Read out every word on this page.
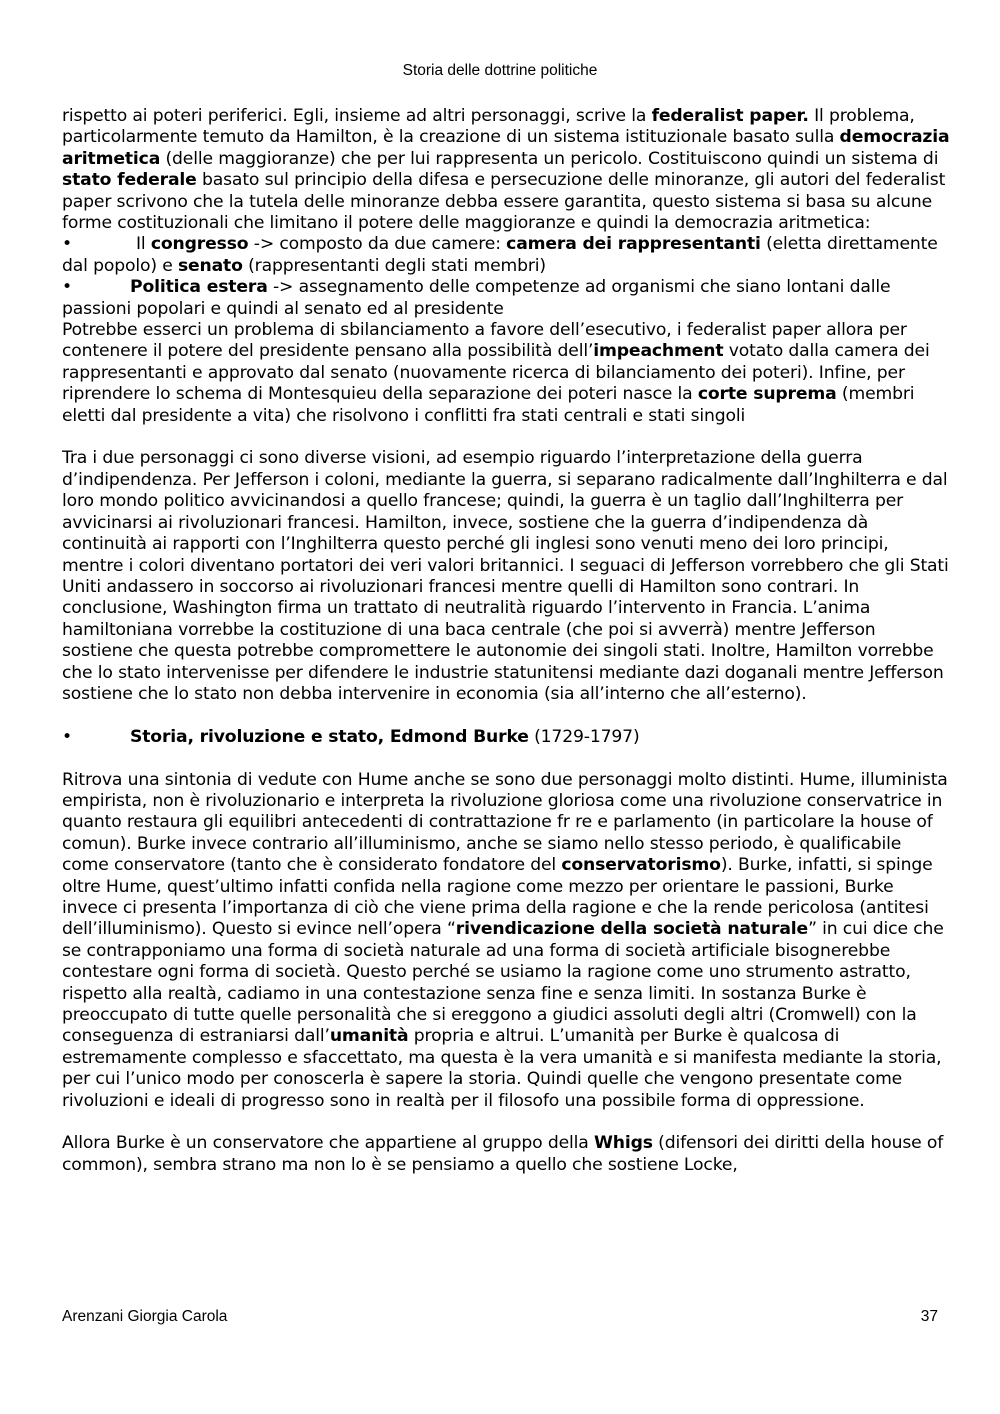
Storia delle dottrine politiche

rispetto ai poteri periferici. Egli, insieme ad altri personaggi, scrive la federalist paper. Il problema, particolarmente temuto da Hamilton, è la creazione di un sistema istituzionale basato sulla democrazia aritmetica (delle maggioranze) che per lui rappresenta un pericolo. Costituiscono quindi un sistema di stato federale basato sul principio della difesa e persecuzione delle minoranze, gli autori del federalist paper scrivono che la tutela delle minoranze debba essere garantita, questo sistema si basa su alcune forme costituzionali che limitano il potere delle maggioranze e quindi la democrazia aritmetica:

•	Il congresso -> composto da due camere: camera dei rappresentanti (eletta direttamente dal popolo) e senato (rappresentanti degli stati membri)

•	Politica estera -> assegnamento delle competenze ad organismi che siano lontani dalle passioni popolari e quindi al senato ed al presidente

Potrebbe esserci un problema di sbilanciamento a favore dell’esecutivo, i federalist paper allora per contenere il potere del presidente pensano alla possibilità dell’impeachment votato dalla camera dei rappresentanti e approvato dal senato (nuovamente ricerca di bilanciamento dei poteri). Infine, per riprendere lo schema di Montesquieu della separazione dei poteri nasce la corte suprema (membri eletti dal presidente a vita) che risolvono i conflitti fra stati centrali e stati singoli

Tra i due personaggi ci sono diverse visioni, ad esempio riguardo l’interpretazione della guerra d’indipendenza. Per Jefferson i coloni, mediante la guerra, si separano radicalmente dall’Inghilterra e dal loro mondo politico avvicinandosi a quello francese; quindi, la guerra è un taglio dall’Inghilterra per avvicinarsi ai rivoluzionari francesi. Hamilton, invece, sostiene che la guerra d’indipendenza dà continuità ai rapporti con l’Inghilterra questo perché gli inglesi sono venuti meno dei loro principi, mentre i colori diventano portatori dei veri valori britannici. I seguaci di Jefferson vorrebbero che gli Stati Uniti andassero in soccorso ai rivoluzionari francesi mentre quelli di Hamilton sono contrari. In conclusione, Washington firma un trattato di neutralità riguardo l’intervento in Francia. L’anima hamiltoniana vorrebbe la costituzione di una baca centrale (che poi si avverrà) mentre Jefferson sostiene che questa potrebbe compromettere le autonomie dei singoli stati. Inoltre, Hamilton vorrebbe che lo stato intervenisse per difendere le industrie statunitensi mediante dazi doganali mentre Jefferson sostiene che lo stato non debba intervenire in economia (sia all’interno che all’esterno).

•	Storia, rivoluzione e stato, Edmond Burke (1729-1797)

Ritrova una sintonia di vedute con Hume anche se sono due personaggi molto distinti. Hume, illuminista empirista, non è rivoluzionario e interpreta la rivoluzione gloriosa come una rivoluzione conservatrice in quanto restaura gli equilibri antecedenti di contrattazione fr re e parlamento (in particolare la house of comun). Burke invece contrario all’illuminismo, anche se siamo nello stesso periodo, è qualificabile come conservatore (tanto che è considerato fondatore del conservatorismo). Burke, infatti, si spinge oltre Hume, quest’ultimo infatti confida nella ragione come mezzo per orientare le passioni, Burke invece ci presenta l’importanza di ciò che viene prima della ragione e che la rende pericolosa (antitesi dell’illuminismo). Questo si evince nell’opera “rivendicazione della società naturale” in cui dice che se contrapponiamo una forma di società naturale ad una forma di società artificiale bisognerebbe contestare ogni forma di società. Questo perché se usiamo la ragione come uno strumento astratto, rispetto alla realtà, cadiamo in una contestazione senza fine e senza limiti. In sostanza Burke è preoccupato di tutte quelle personalità che si ereggono a giudici assoluti degli altri (Cromwell) con la conseguenza di estraniarsi dall’umanità propria e altrui. L’umanità per Burke è qualcosa di estremamente complesso e sfaccettato, ma questa è la vera umanità e si manifesta mediante la storia, per cui l’unico modo per conoscerla è sapere la storia. Quindi quelle che vengono presentate come rivoluzioni e ideali di progresso sono in realtà per il filosofo una possibile forma di oppressione.

Allora Burke è un conservatore che appartiene al gruppo della Whigs (difensori dei diritti della house of common), sembra strano ma non lo è se pensiamo a quello che sostiene Locke,

Arenzani Giorgia Carola	37
